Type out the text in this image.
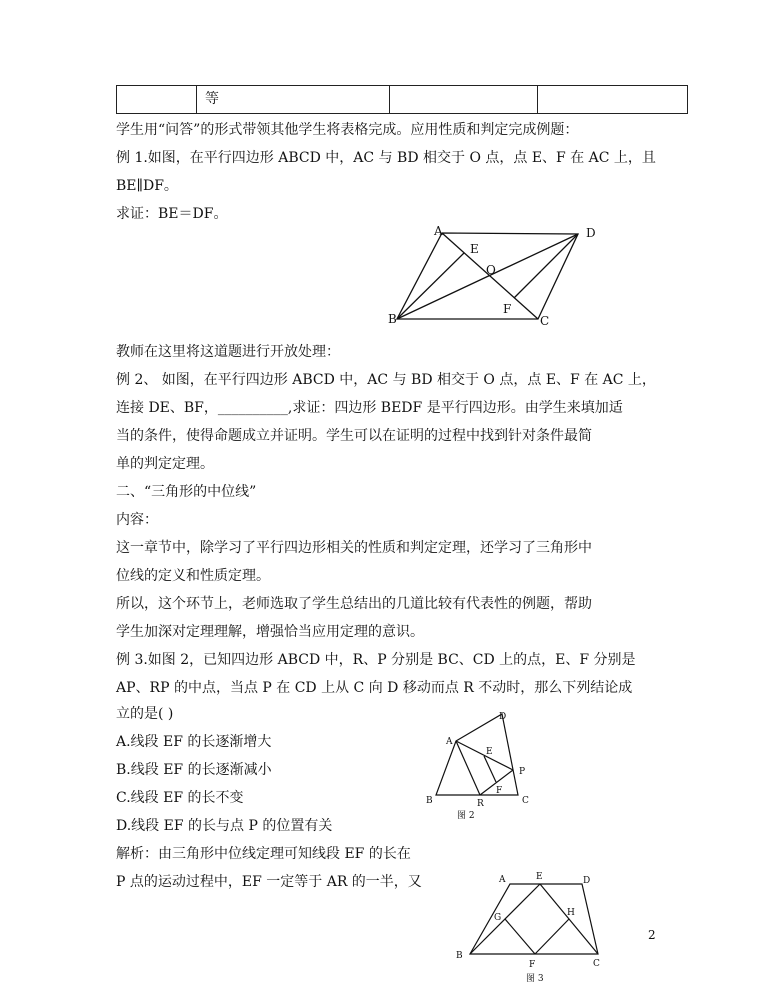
等
学生用“问答”的形式带领其他学生将表格完成。应用性质和判定完成例题：
例 1.如图，在平行四边形 ABCD 中，AC 与 BD 相交于 O 点，点 E、F 在 AC 上，且
BE∥DF。
求证：BE＝DF。
A	D
B	C
E
O
F
教师在这里将这道题进行开放处理：
例 2、 如图，在平行四边形 ABCD 中，AC 与 BD 相交于 O 点，点 E、F 在 AC 上，
连接 DE、BF，__________,求证：四边形 BEDF 是平行四边形。由学生来填加适
当的条件，使得命题成立并证明。学生可以在证明的过程中找到针对条件最简
单的判定定理。
二、“三角形的中位线”
内容：
这一章节中，除学习了平行四边形相关的性质和判定定理，还学习了三角形中
位线的定义和性质定理。
所以，这个环节上，老师选取了学生总结出的几道比较有代表性的例题，帮助
学生加深对定理理解，增强恰当应用定理的意识。
例 3.如图 2，已知四边形 ABCD 中，R、P 分别是 BC、CD 上的点，E、F 分别是
AP、RP 的中点，当点 P 在 CD 上从 C 向 D 移动而点 R 不动时，那么下列结论成
立的是( )
A
D
E
P
F
B	R	C
图 2
A.线段 EF 的长逐渐增大
B.线段 EF 的长逐渐减小
C.线段 EF 的长不变
D.线段 EF 的长与点 P 的位置有关
解析：由三角形中位线定理可知线段 EF 的长在
P 点的运动过程中，EF 一定等于 AR 的一半，又	A	E	D
G	H
B
F	C
图 3
2
